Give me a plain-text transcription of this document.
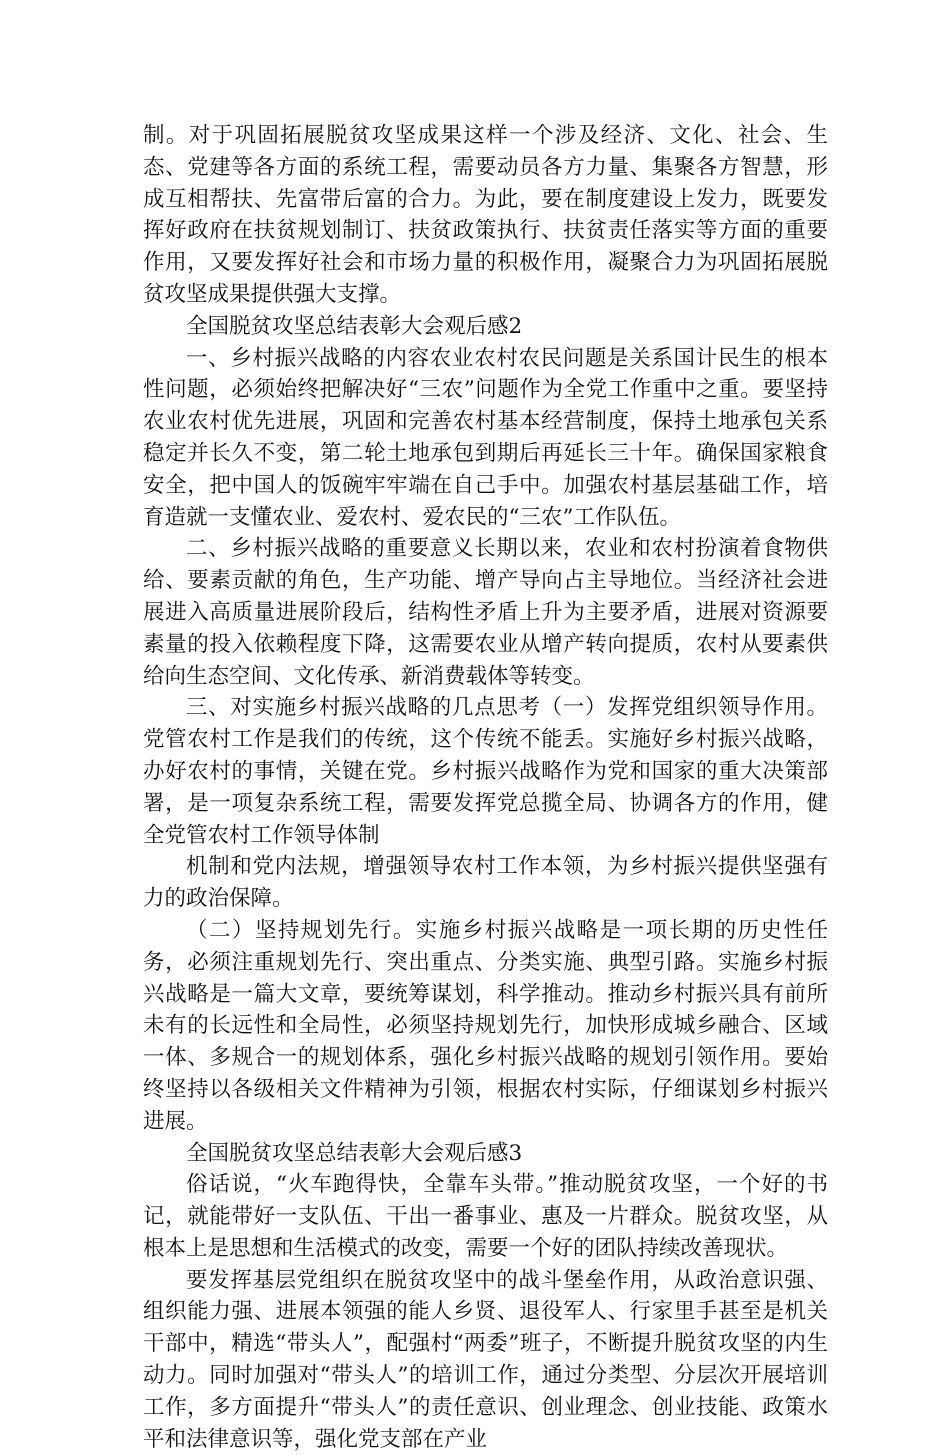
制。对于巩固拓展脱贫攻坚成果这样一个涉及经济、文化、社会、生态、党建等各方面的系统工程，需要动员各方力量、集聚各方智慧，形成互相帮扶、先富带后富的合力。为此，要在制度建设上发力，既要发挥好政府在扶贫规划制订、扶贫政策执行、扶贫责任落实等方面的重要作用，又要发挥好社会和市场力量的积极作用，凝聚合力为巩固拓展脱贫攻坚成果提供强大支撑。

全国脱贫攻坚总结表彰大会观后感2

一、乡村振兴战略的内容农业农村农民问题是关系国计民生的根本性问题，必须始终把解决好“三农”问题作为全党工作重中之重。要坚持农业农村优先进展，巩固和完善农村基本经营制度，保持土地承包关系稳定并长久不变，第二轮土地承包到期后再延长三十年。确保国家粮食安全，把中国人的饭碗牢牢端在自己手中。加强农村基层基础工作，培育造就一支懂农业、爱农村、爱农民的“三农”工作队伍。

二、乡村振兴战略的重要意义长期以来，农业和农村扮演着食物供给、要素贡献的角色，生产功能、增产导向占主导地位。当经济社会进展进入高质量进展阶段后，结构性矛盾上升为主要矛盾，进展对资源要素量的投入依赖程度下降，这需要农业从增产转向提质，农村从要素供给向生态空间、文化传承、新消费载体等转变。

三、对实施乡村振兴战略的几点思考（一）发挥党组织领导作用。党管农村工作是我们的传统，这个传统不能丢。实施好乡村振兴战略，办好农村的事情，关键在党。乡村振兴战略作为党和国家的重大决策部署，是一项复杂系统工程，需要发挥党总揽全局、协调各方的作用，健全党管农村工作领导体制

机制和党内法规，增强领导农村工作本领，为乡村振兴提供坚强有力的政治保障。

（二）坚持规划先行。实施乡村振兴战略是一项长期的历史性任务，必须注重规划先行、突出重点、分类实施、典型引路。实施乡村振兴战略是一篇大文章，要统筹谋划，科学推动。推动乡村振兴具有前所未有的长远性和全局性，必须坚持规划先行，加快形成城乡融合、区域一体、多规合一的规划体系，强化乡村振兴战略的规划引领作用。要始终坚持以各级相关文件精神为引领，根据农村实际，仔细谋划乡村振兴进展。

全国脱贫攻坚总结表彰大会观后感3

俗话说，“火车跑得快，全靠车头带。”推动脱贫攻坚，一个好的书记，就能带好一支队伍、干出一番事业、惠及一片群众。脱贫攻坚，从根本上是思想和生活模式的改变，需要一个好的团队持续改善现状。

要发挥基层党组织在脱贫攻坚中的战斗堡垒作用，从政治意识强、组织能力强、进展本领强的能人乡贤、退役军人、行家里手甚至是机关干部中，精选“带头人”，配强村“两委”班子，不断提升脱贫攻坚的内生动力。同时加强对“带头人”的培训工作，通过分类型、分层次开展培训工作，多方面提升“带头人”的责任意识、创业理念、创业技能、政策水平和法律意识等，强化党支部在产业
